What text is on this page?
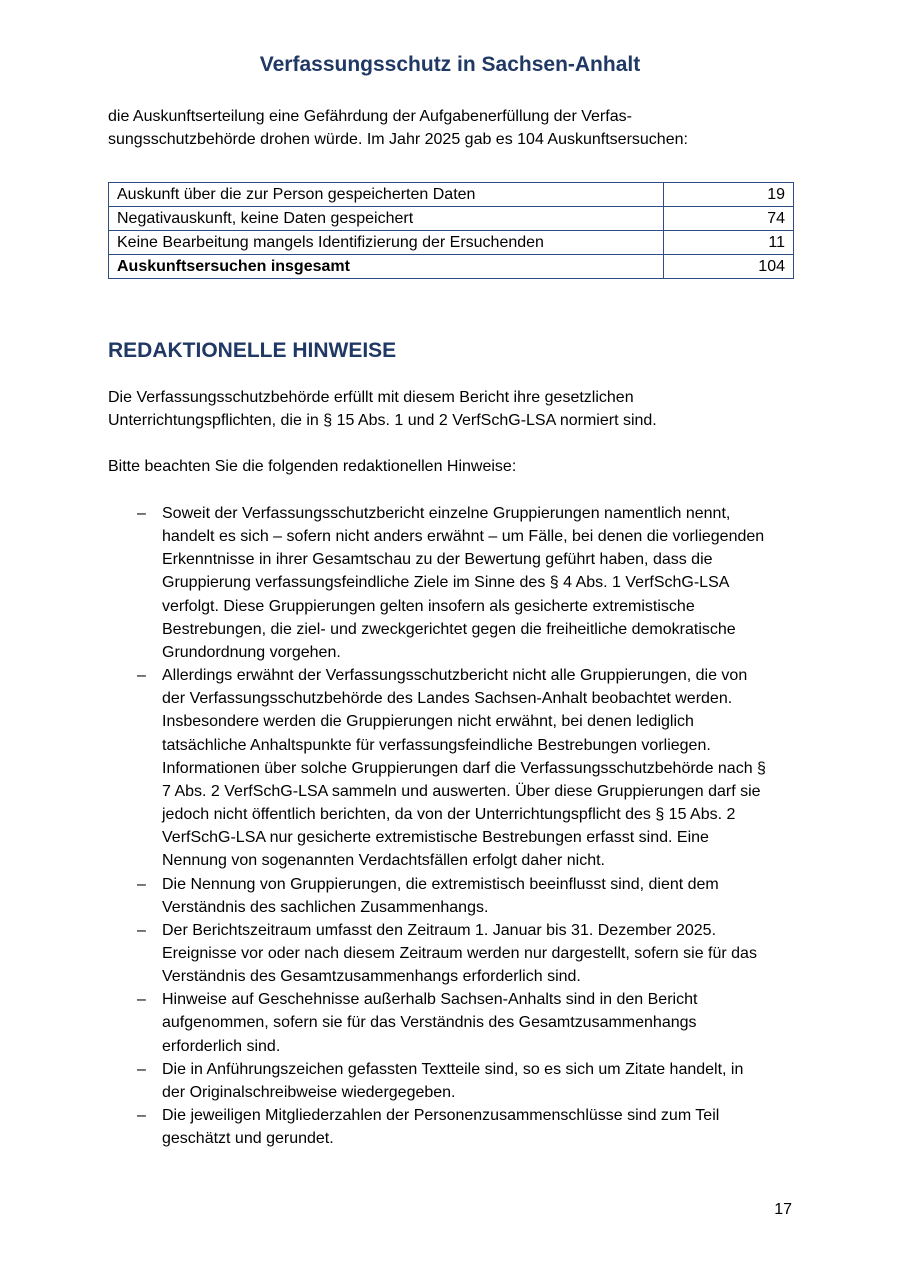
Verfassungsschutz in Sachsen-Anhalt
die Auskunftserteilung eine Gefährdung der Aufgabenerfüllung der Verfas-
sungsschutzbehörde drohen würde. Im Jahr 2025 gab es 104 Auskunftsersuchen:
Auskunft über die zur Person gespeicherten Daten	19
Negativauskunft, keine Daten gespeichert	74
Keine Bearbeitung mangels Identifizierung der Ersuchenden	11
Auskunftsersuchen insgesamt	104
REDAKTIONELLE HINWEISE
Die Verfassungsschutzbehörde erfüllt mit diesem Bericht ihre gesetzlichen
Unterrichtungspflichten, die in § 15 Abs. 1 und 2 VerfSchG-LSA normiert sind.
Bitte beachten Sie die folgenden redaktionellen Hinweise:
– Soweit der Verfassungsschutzbericht einzelne Gruppierungen namentlich nennt,
handelt es sich – sofern nicht anders erwähnt – um Fälle, bei denen die vorliegenden
Erkenntnisse in ihrer Gesamtschau zu der Bewertung geführt haben, dass die
Gruppierung verfassungsfeindliche Ziele im Sinne des § 4 Abs. 1 VerfSchG-LSA
verfolgt. Diese Gruppierungen gelten insofern als gesicherte extremistische
Bestrebungen, die ziel- und zweckgerichtet gegen die freiheitliche demokratische
Grundordnung vorgehen.
– Allerdings erwähnt der Verfassungsschutzbericht nicht alle Gruppierungen, die von
der Verfassungsschutzbehörde des Landes Sachsen-Anhalt beobachtet werden.
Insbesondere werden die Gruppierungen nicht erwähnt, bei denen lediglich
tatsächliche Anhaltspunkte für verfassungsfeindliche Bestrebungen vorliegen.
Informationen über solche Gruppierungen darf die Verfassungsschutzbehörde nach §
7 Abs. 2 VerfSchG-LSA sammeln und auswerten. Über diese Gruppierungen darf sie
jedoch nicht öffentlich berichten, da von der Unterrichtungspflicht des § 15 Abs. 2
VerfSchG-LSA nur gesicherte extremistische Bestrebungen erfasst sind. Eine
Nennung von sogenannten Verdachtsfällen erfolgt daher nicht.
– Die Nennung von Gruppierungen, die extremistisch beeinflusst sind, dient dem
Verständnis des sachlichen Zusammenhangs.
– Der Berichtszeitraum umfasst den Zeitraum 1. Januar bis 31. Dezember 2025.
Ereignisse vor oder nach diesem Zeitraum werden nur dargestellt, sofern sie für das
Verständnis des Gesamtzusammenhangs erforderlich sind.
– Hinweise auf Geschehnisse außerhalb Sachsen-Anhalts sind in den Bericht
aufgenommen, sofern sie für das Verständnis des Gesamtzusammenhangs
erforderlich sind.
– Die in Anführungszeichen gefassten Textteile sind, so es sich um Zitate handelt, in
der Originalschreibweise wiedergegeben.
– Die jeweiligen Mitgliederzahlen der Personenzusammenschlüsse sind zum Teil
geschätzt und gerundet.
17
